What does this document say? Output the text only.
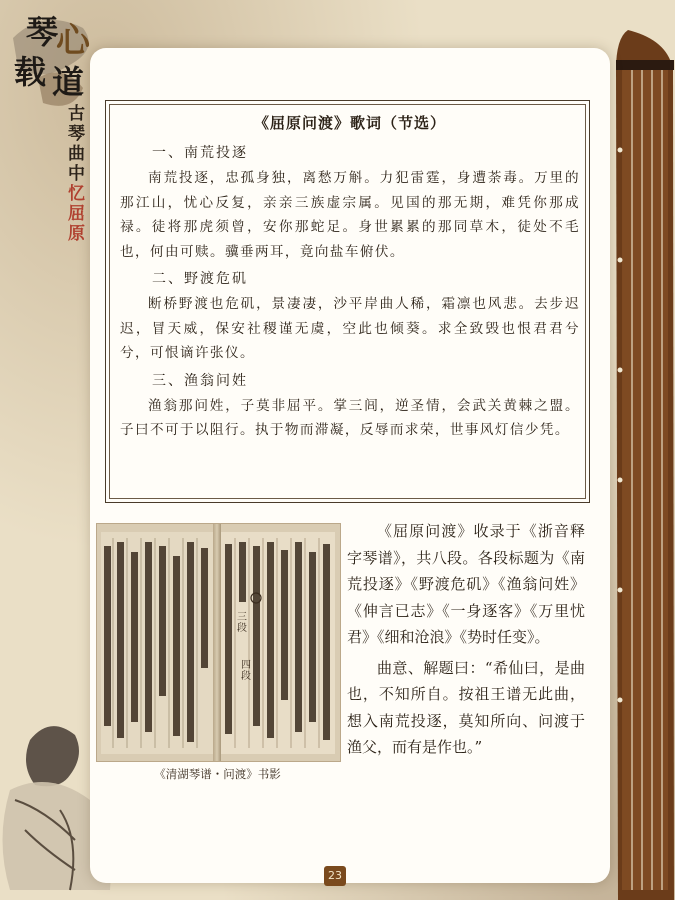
琴
心
载 道
古琴曲中忆屈原
《屈原问渡》歌词（节选）
一、南荒投逐

南荒投逐，忠孤身独，离愁万斛。力犯雷霆，身遭荼毒。万里的那江山，忧心反复，亲亲三族虚宗属。见国的那无期，难凭你那成禄。徒将那虎须曾，安你那蛇足。身世累累的那同草木，徒处不毛也，何由可赎。骥垂两耳，竟向盐车俯伏。

二、野渡危矶

断桥野渡也危矶，景凄凄，沙平岸曲人稀，霜凛也风悲。去步迟迟，冒天威，保安社稷谨无虞，空此也倾葵。求全致毁也恨君君兮兮，可恨谪许张仪。

三、渔翁问姓

渔翁那问姓，子莫非屈平。掌三闾，逆圣情，会武关黄棘之盟。子曰不可于以阻行。执于物而滞凝，反辱而求荣，世事风灯信少凭。

三段
四段
《清湖琴谱・问渡》书影

《屈原问渡》收录于《浙音释字琴谱》，共八段。各段标题为《南荒投逐》《野渡危矶》《渔翁问姓》《伸言已志》《一身逐客》《万里忧君》《细和沧浪》《势时任变》。

曲意、解题曰：“希仙曰，是曲也，不知所自。按祖王谱无此曲，想入南荒投逐，莫知所向、问渡于渔父，而有是作也。”

23
